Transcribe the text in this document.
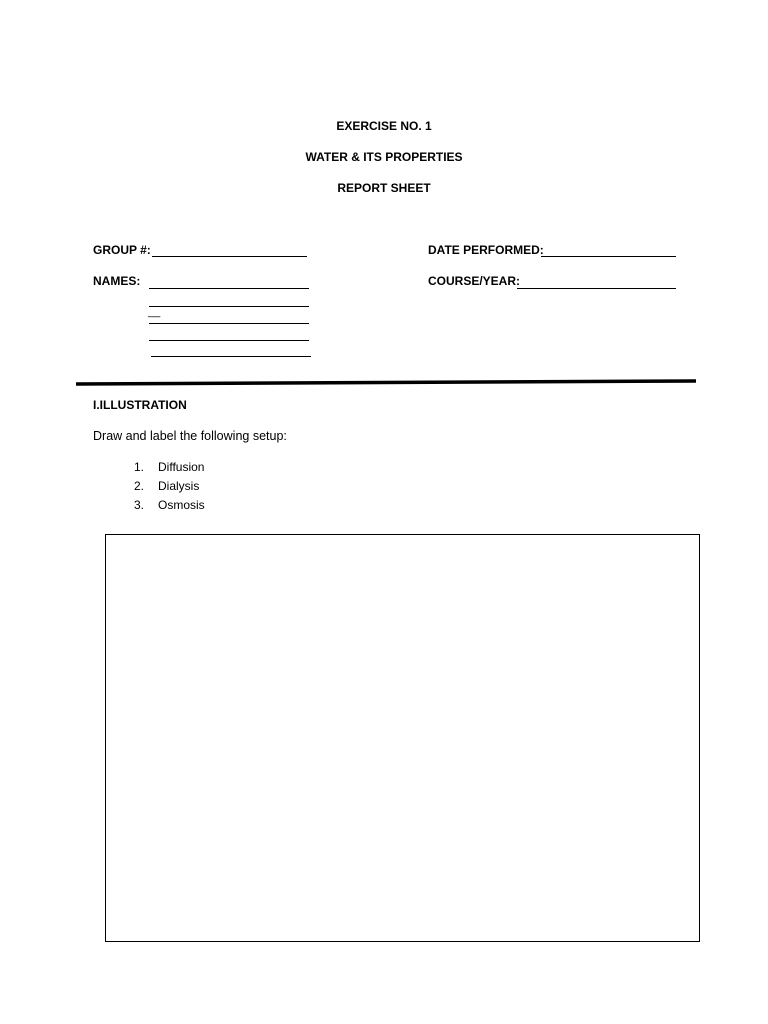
EXERCISE NO. 1
WATER & ITS PROPERTIES
REPORT SHEET
GROUP #:
NAMES:
__
DATE PERFORMED:
COURSE/YEAR:
I.ILLUSTRATION
Draw and label the following setup:
1. Diffusion
2. Dialysis
3. Osmosis
